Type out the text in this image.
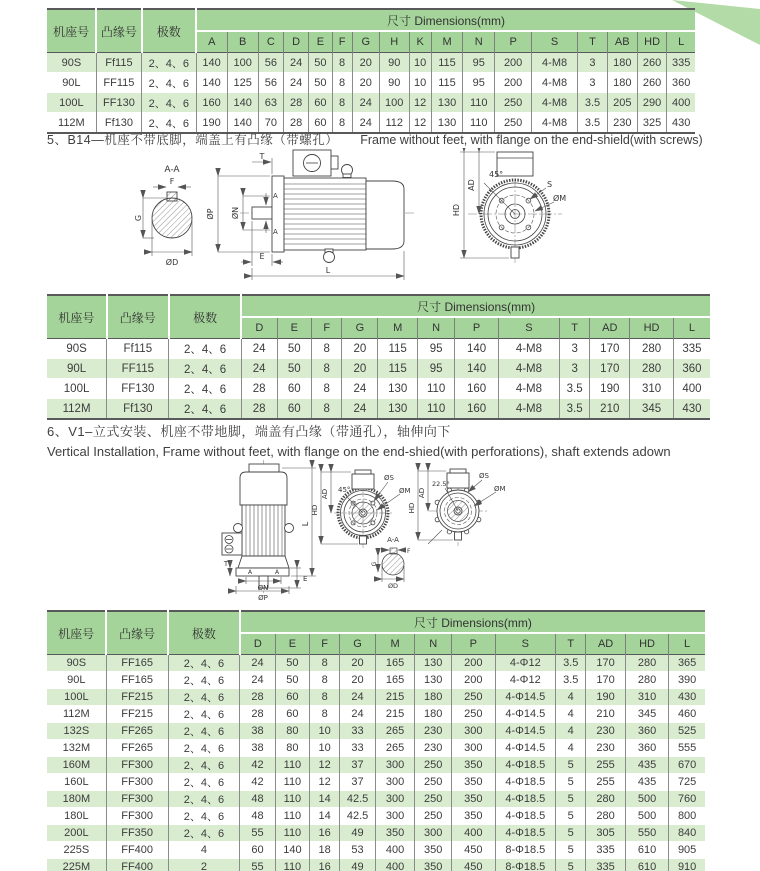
机座号	凸缘号	极数	尺寸 Dimensions(mm)																
			A	B	C	D	E	F	G	H	K	M	N	P	S	T	AB	HD	L
90S	Ff115	2、4、6	140	100	56	24	50	8	20	90	10	115	95	200	4-M8	3	180	260	335
90L	FF115	2、4、6	140	125	56	24	50	8	20	90	10	115	95	200	4-M8	3	180	260	360
100L	FF130	2、4、6	160	140	63	28	60	8	24	100	12	130	110	250	4-M8	3.5	205	290	400
112M	Ff130	2、4、6	190	140	70	28	60	8	24	112	12	130	110	250	4-M8	3.5	230	325	430
5、B14—机座不带底脚，端盖上有凸缘（带螺孔） Frame without feet, with flange on the end-shield(with screws)
A-A
F
G
ØD
T
ØP ØN
A
A
E
L
HD
AD
45°
S
ØM
机座号	凸缘号	极数	尺寸 Dimensions(mm)											
			D	E	F	G	M	N	P	S	T	AD	HD	L
90S	Ff115	2、4、6	24	50	8	20	115	95	140	4-M8	3	170	280	335
90L	FF115	2、4、6	24	50	8	20	115	95	140	4-M8	3	170	280	360
100L	FF130	2、4、6	28	60	8	24	130	110	160	4-M8	3.5	190	310	400
112M	Ff130	2、4、6	28	60	8	24	130	110	160	4-M8	3.5	210	345	430
6、V1–立式安装、机座不带地脚，端盖有凸缘（带通孔），轴伸向下
Vertical Installation, Frame without feet, with flange on the end-shied(with perforations), shaft extends adown
A	A
T
ØN
ØP
E
L
45°
AD
HD
ØS
ØM
A-A
F
G
ØD
22.5°
AD
HD
ØS
ØM
机座号	凸缘号	极数	尺寸 Dimensions(mm)											
			D	E	F	G	M	N	P	S	T	AD	HD	L
90S	FF165	2、4、6	24	50	8	20	165	130	200	4-Φ12	3.5	170	280	365
90L	FF165	2、4、6	24	50	8	20	165	130	200	4-Φ12	3.5	170	280	390
100L	FF215	2、4、6	28	60	8	24	215	180	250	4-Φ14.5	4	190	310	430
112M	FF215	2、4、6	28	60	8	24	215	180	250	4-Φ14.5	4	210	345	460
132S	FF265	2、4、6	38	80	10	33	265	230	300	4-Φ14.5	4	230	360	525
132M	FF265	2、4、6	38	80	10	33	265	230	300	4-Φ14.5	4	230	360	555
160M	FF300	2、4、6	42	110	12	37	300	250	350	4-Φ18.5	5	255	435	670
160L	FF300	2、4、6	42	110	12	37	300	250	350	4-Φ18.5	5	255	435	725
180M	FF300	2、4、6	48	110	14	42.5	300	250	350	4-Φ18.5	5	280	500	760
180L	FF300	2、4、6	48	110	14	42.5	300	250	350	4-Φ18.5	5	280	500	800
200L	FF350	2、4、6	55	110	16	49	350	300	400	4-Φ18.5	5	305	550	840
225S	FF400	4	60	140	18	53	400	350	450	8-Φ18.5	5	335	610	905
225M	FF400	2	55	110	16	49	400	350	450	8-Φ18.5	5	335	610	910
